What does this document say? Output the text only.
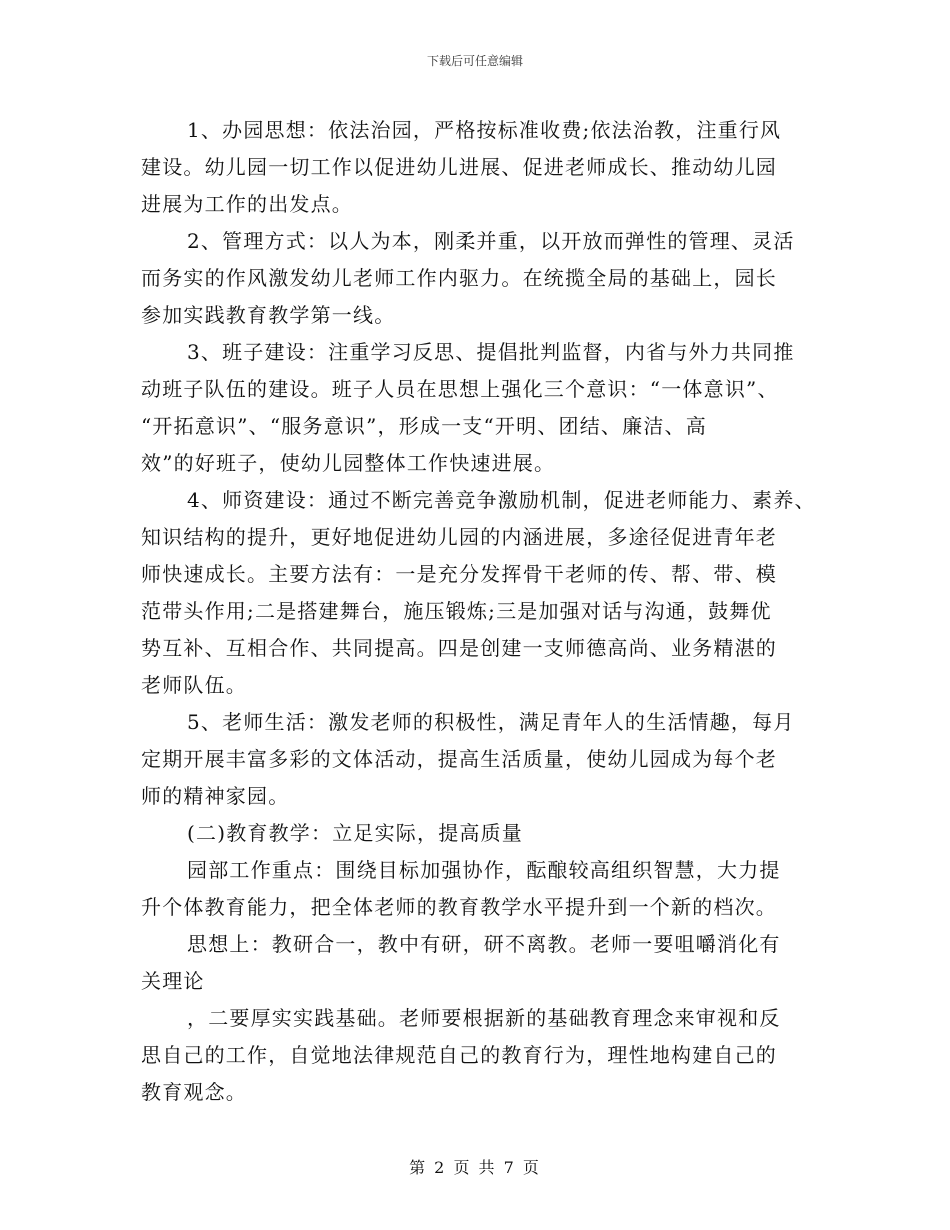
下载后可任意编辑
1、办园思想：依法治园，严格按标准收费;依法治教，注重行风
建设。幼儿园一切工作以促进幼儿进展、促进老师成长、推动幼儿园
进展为工作的出发点。
2、管理方式：以人为本，刚柔并重，以开放而弹性的管理、灵活
而务实的作风激发幼儿老师工作内驱力。在统揽全局的基础上，园长
参加实践教育教学第一线。
3、班子建设：注重学习反思、提倡批判监督，内省与外力共同推
动班子队伍的建设。班子人员在思想上强化三个意识：“一体意识”、
“开拓意识”、“服务意识”，形成一支“开明、团结、廉洁、高
效”的好班子，使幼儿园整体工作快速进展。
4、师资建设：通过不断完善竞争激励机制，促进老师能力、素养、
知识结构的提升，更好地促进幼儿园的内涵进展，多途径促进青年老
师快速成长。主要方法有：一是充分发挥骨干老师的传、帮、带、模
范带头作用;二是搭建舞台，施压锻炼;三是加强对话与沟通，鼓舞优
势互补、互相合作、共同提高。四是创建一支师德高尚、业务精湛的
老师队伍。
5、老师生活：激发老师的积极性，满足青年人的生活情趣，每月
定期开展丰富多彩的文体活动，提高生活质量，使幼儿园成为每个老
师的精神家园。
(二)教育教学：立足实际，提高质量
园部工作重点：围绕目标加强协作，酝酿较高组织智慧，大力提
升个体教育能力，把全体老师的教育教学水平提升到一个新的档次。
思想上：教研合一，教中有研，研不离教。老师一要咀嚼消化有
关理论
，二要厚实实践基础。老师要根据新的基础教育理念来审视和反
思自己的工作，自觉地法律规范自己的教育行为，理性地构建自己的
教育观念。
第 2 页 共 7 页
